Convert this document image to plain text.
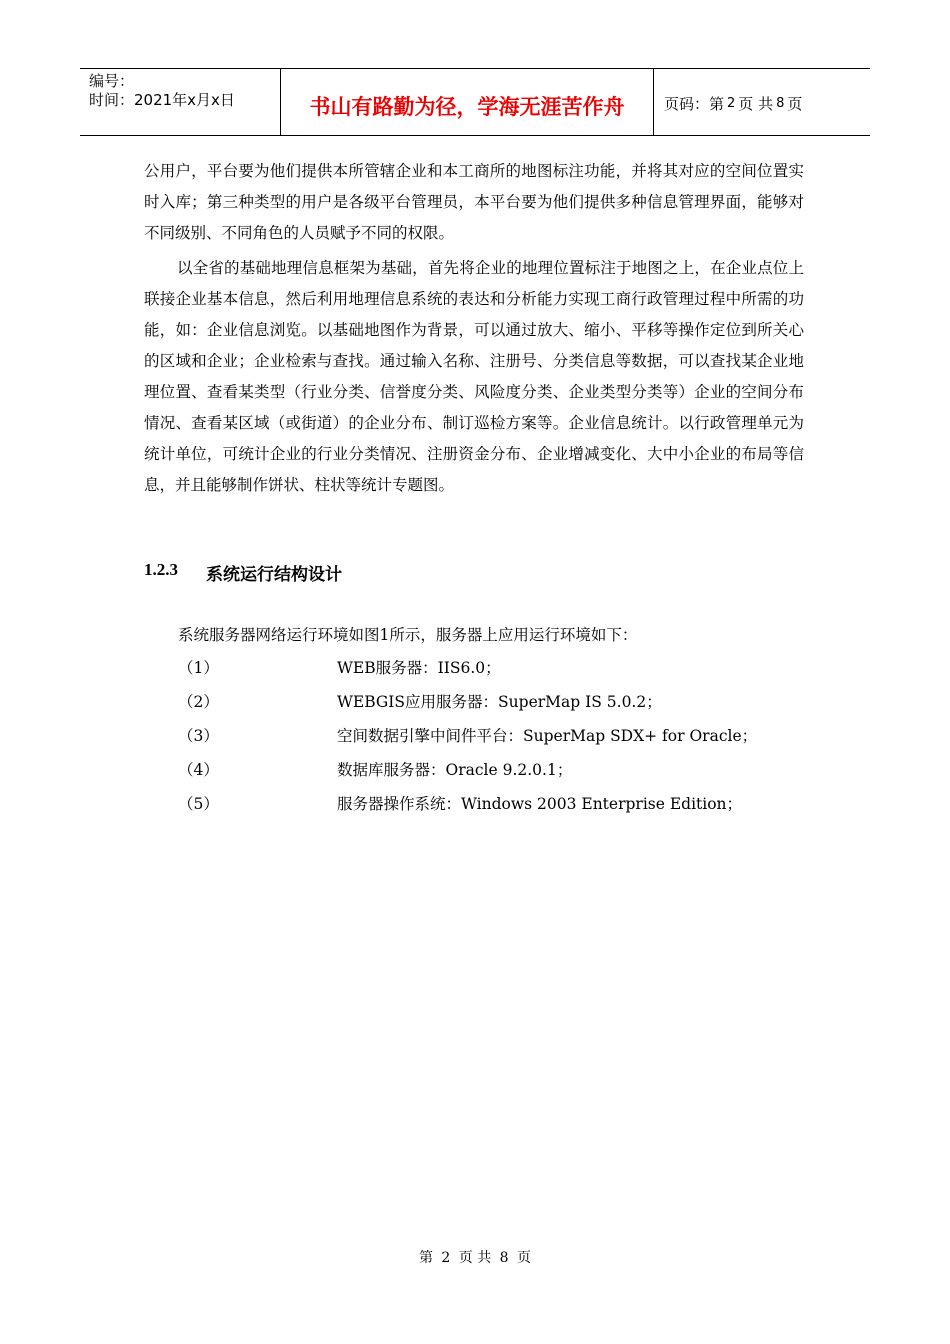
编号：
时间：2021年x月x日	书山有路勤为径，学海无涯苦作舟	页码：第 2 页 共 8 页

公用户，平台要为他们提供本所管辖企业和本工商所的地图标注功能，并将其对应的空间位置实时入库；第三种类型的用户是各级平台管理员，本平台要为他们提供多种信息管理界面，能够对不同级别、不同角色的人员赋予不同的权限。

以全省的基础地理信息框架为基础，首先将企业的地理位置标注于地图之上，在企业点位上联接企业基本信息，然后利用地理信息系统的表达和分析能力实现工商行政管理过程中所需的功能，如：企业信息浏览。以基础地图作为背景，可以通过放大、缩小、平移等操作定位到所关心的区域和企业；企业检索与查找。通过输入名称、注册号、分类信息等数据，可以查找某企业地理位置、查看某类型（行业分类、信誉度分类、风险度分类、企业类型分类等）企业的空间分布情况、查看某区域（或街道）的企业分布、制订巡检方案等。企业信息统计。以行政管理单元为统计单位，可统计企业的行业分类情况、注册资金分布、企业增减变化、大中小企业的布局等信息，并且能够制作饼状、柱状等统计专题图。

1.2.3	系统运行结构设计
系统服务器网络运行环境如图1所示，服务器上应用运行环境如下：
（1）	WEB服务器：IIS6.0；
（2）	WEBGIS应用服务器：SuperMap IS 5.0.2；
（3）	空间数据引擎中间件平台：SuperMap SDX+ for Oracle；
（4）	数据库服务器：Oracle 9.2.0.1；
（5）	服务器操作系统：Windows 2003 Enterprise Edition；
第 2 页 共 8 页
